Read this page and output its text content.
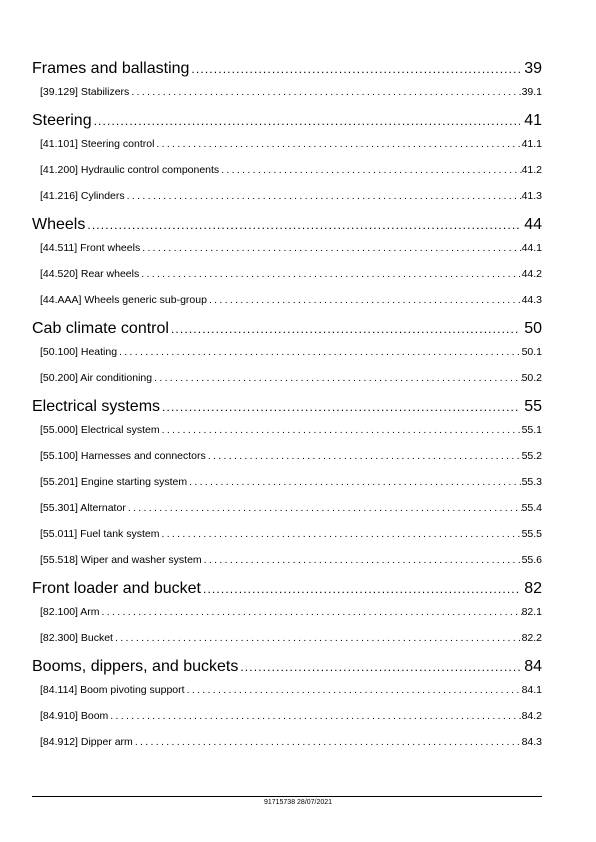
Frames and ballasting . . .	39
[39.129] Stabilizers . . .	39.1
Steering . . .	41
[41.101] Steering control . . .	41.1
[41.200] Hydraulic control components . . .	41.2
[41.216] Cylinders . . .	41.3
Wheels . . .	44
[44.511] Front wheels . . .	44.1
[44.520] Rear wheels . . .	44.2
[44.AAA] Wheels generic sub-group . . .	44.3
Cab climate control . . .	50
[50.100] Heating . . .	50.1
[50.200] Air conditioning . . .	50.2
Electrical systems . . .	55
[55.000] Electrical system . . .	55.1
[55.100] Harnesses and connectors . . .	55.2
[55.201] Engine starting system . . .	55.3
[55.301] Alternator . . .	55.4
[55.011] Fuel tank system . . .	55.5
[55.518] Wiper and washer system . . .	55.6
Front loader and bucket . . .	82
[82.100] Arm . . .	82.1
[82.300] Bucket . . .	82.2
Booms, dippers, and buckets . . .	84
[84.114] Boom pivoting support . . .	84.1
[84.910] Boom . . .	84.2
[84.912] Dipper arm . . .	84.3
91715738 28/07/2021
